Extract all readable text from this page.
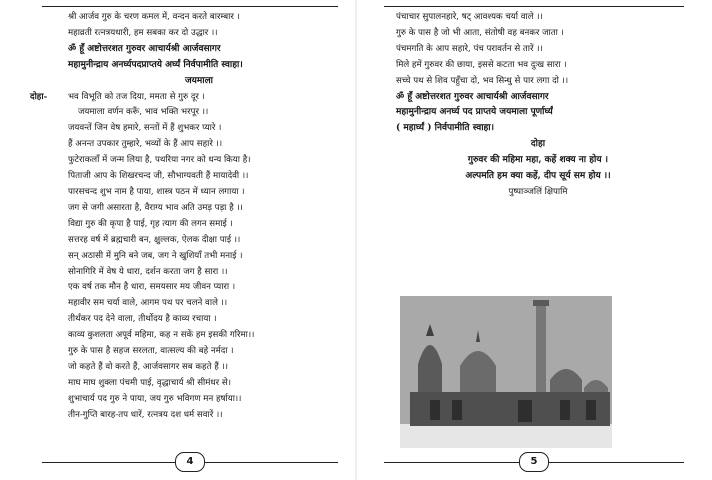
श्री आर्जव गुरु के चरण कमल में, वन्दन करते बारम्बार ।
महाव्रती रत्नत्रयधारी, हम सबका कर दो उद्धार ।।
ॐ हूँ अष्टोत्तरशत गुरुवर आचार्यश्री आर्जवसागर
महामुनीन्द्राय अनर्घ्यपदप्राप्तये अर्घ्यं निर्वपामीति स्वाहा।
जयमाला
दोहा- भव विभूति को तज दिया, ममता से गुरु दूर ।
जयमाला वर्णन करूँ, भाव भक्ति भरपूर ।।
जयवन्तें जिन वेष हमारे, सन्तों में हैं शुभकर प्यारे ।
हैं अनन्त उपकार तुम्हारे, भव्यों के हैं आप सहारे ।।
फुटेराकलाँ में जन्म लिया है, पथरिया नगर को धन्य किया है।
पिताजी आप के शिखरचन्द जी, सौभाग्यवती हैं मायादेवी ।।
पारसचन्द शुभ नाम है पाया, शास्त्र पठन में ध्यान लगाया ।
जग से जगी असारता है, वैराग्य भाव अति उमड़ पड़ा है ।।
विद्या गुरु की कृपा है पाई, गृह त्याग की लगन समाई ।
सत्तरह वर्ष में ब्रह्मचारी बन, क्षुल्लक, ऐलक दीक्षा पाई ।।
सन् अठासी में मुनि बने जब, जग ने खुशियाँ तभी मनाई ।
सोनागिरि में वेष ये धारा, दर्शन करता जग है सारा ।।
एक वर्ष तक मौन है धारा, समयसार मय जीवन प्यारा ।
महावीर सम चर्या वाले, आगम पथ पर चलने वाले ।।
तीर्थंकर पद देने वाला, तीर्थोदय है काव्य रचाया ।
काव्य कुशलता अपूर्व महिमा, कह न सकें हम इसकी गरिमा।।
गुरु के पास है सहज सरलता, वात्सल्य की बहे नर्मदा ।
जो कहते हैं वो करते हैं, आर्जवसागर सब कहते हैं ।।
माघ माघ शुक्ला पंचमी पाई, वृद्धाचार्य श्री सीमंधर से।
शुभाचार्य पद गुरु ने पाया, जय गुरु भविगण मन हर्षाया।।
तीन-गुप्ति बारह-तप धारें, रत्नत्रय दश धर्म सवारें ।।
4
पंचाचार सुपालनहारे, षट् आवश्यक चर्या वाले ।।
गुरु के पास है जो भी आता, संतोषी वह बनकर जाता ।
पंचमगति के आप सहारे, पंच परावर्तन से तारें ।।
मिले हमें गुरुवर की छाया, इससे कटता भव दुःख सारा ।
सच्चे पथ से शिव पहुँचा दो, भव सिन्धु से पार लगा दो ।।
ॐ हूँ अष्टोत्तरशत गुरुवर आचार्यश्री आर्जवसागर
महामुनीन्द्राय अनर्घ्य पद प्राप्तये जयमाला पूर्णार्घ्यं
( महार्घ्यं ) निर्वपामीति स्वाहा।
दोहा
गुरुवर की महिमा महा, कहें शक्य ना होय ।
अल्पमति हम क्या कहें, दीप सूर्य सम होय ।।
पुष्पाञ्जलिं क्षिपामि
5
